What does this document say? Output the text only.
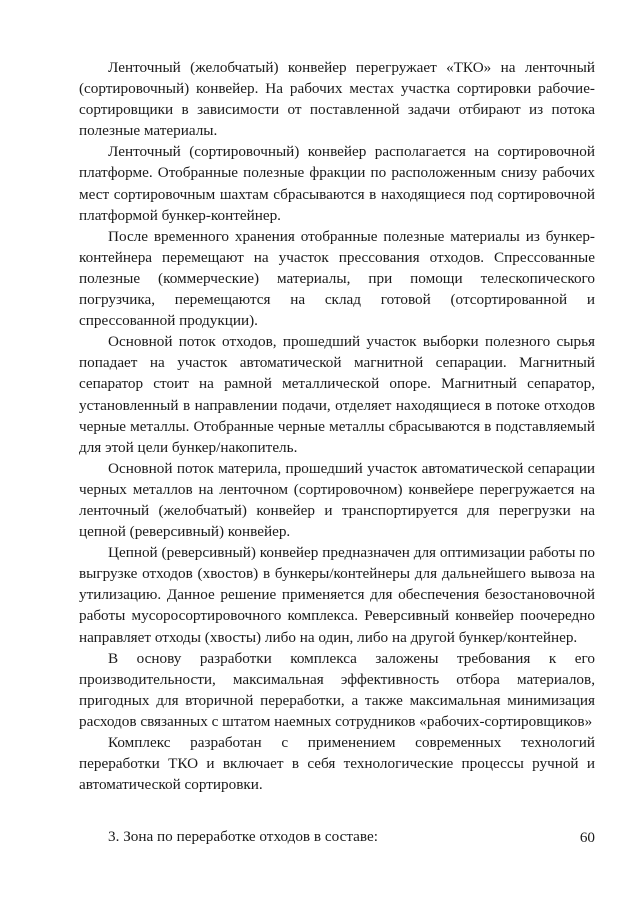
Ленточный (желобчатый) конвейер перегружает «ТКО» на ленточный (сортировочный) конвейер. На рабочих местах участка сортировки рабочие-сортировщики в зависимости от поставленной задачи отбирают из потока полезные материалы.

Ленточный (сортировочный) конвейер располагается на сортировочной платформе. Отобранные полезные фракции по расположенным снизу рабочих мест сортировочным шахтам сбрасываются в находящиеся под сортировочной платформой бункер-контейнер.

После временного хранения отобранные полезные материалы из бункер-контейнера перемещают на участок прессования отходов. Спрессованные полезные (коммерческие) материалы, при помощи телескопического погрузчика, перемещаются на склад готовой (отсортированной и спрессованной продукции).

Основной поток отходов, прошедший участок выборки полезного сырья попадает на участок автоматической магнитной сепарации. Магнитный сепаратор стоит на рамной металлической опоре. Магнитный сепаратор, установленный в направлении подачи, отделяет находящиеся в потоке отходов черные металлы. Отобранные черные металлы сбрасываются в подставляемый для этой цели бункер/накопитель.

Основной поток материла, прошедший участок автоматической сепарации черных металлов на ленточном (сортировочном) конвейере перегружается на ленточный (желобчатый) конвейер и транспортируется для перегрузки на цепной (реверсивный) конвейер.

Цепной (реверсивный) конвейер предназначен для оптимизации работы по выгрузке отходов (хвостов) в бункеры/контейнеры для дальнейшего вывоза на утилизацию. Данное решение применяется для обеспечения безостановочной работы мусоросортировочного комплекса. Реверсивный конвейер поочередно направляет отходы (хвосты) либо на один, либо на другой бункер/контейнер.

В основу разработки комплекса заложены требования к его производительности, максимальная эффективность отбора материалов, пригодных для вторичной переработки, а также максимальная минимизация расходов связанных с штатом наемных сотрудников «рабочих-сортировщиков»

Комплекс разработан с применением современных технологий переработки ТКО и включает в себя технологические процессы ручной и автоматической сортировки.

3. Зона по переработке отходов в составе:	60
